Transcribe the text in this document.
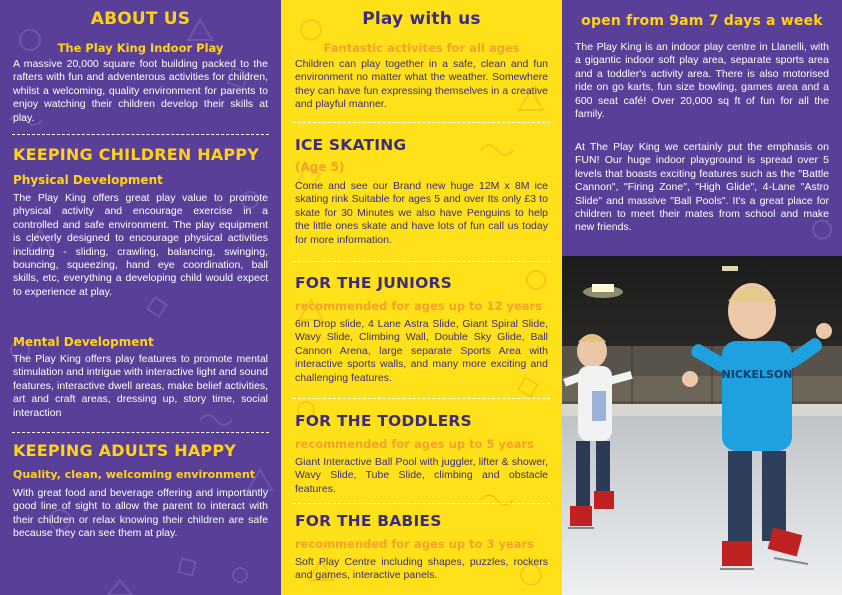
ABOUT US
The Play King Indoor Play

A massive 20,000 square foot building packed to the rafters with fun and adventerous activities for children, whilst a welcoming, quality environment for parents to enjoy watching their children develop their skills at play.

KEEPING CHILDREN HAPPY
Physical Development

The Play King offers great play value to promote physical activity and encourage exercise in a controlled and safe environment. The play equipment is cleverly designed to encourage physical activities including - sliding, crawling, balancing, swinging, bouncing, squeezing, hand eye coordination, ball skills, etc, everything a developing child would expect to experience at play.

Mental Development

The Play King offers play features to promote mental stimulation and intrigue with interactive light and sound features, interactive dwell areas, make belief activities, art and craft areas, dressing up, story time, social interaction

KEEPING ADULTS HAPPY
Quality, clean, welcoming environment

With great food and beverage offering and importantly good line of sight to allow the parent to interact with their children or relax knowing their children are safe because they can see them at play.

Play with us
Fantastic activites for all ages

Children can play together in a safe, clean and fun environment no matter what the weather. Somewhere they can have fun expressing themselves in a creative and playful manner.

ICE SKATING
(Age 5)

Come and see our Brand new huge 12M x 8M ice skating rink Suitable for ages 5 and over Its only £3 to skate for 30 Minutes we also have Penguins to help the little ones skate and have lots of fun call us today for more information.

FOR THE JUNIORS
recommended for ages up to 12 years

6m Drop slide, 4 Lane Astra Slide, Giant Spiral Slide, Wavy Slide, Climbing Wall, Double Sky Glide, Ball Cannon Arena, large separate Sports Area with interactive sports walls, and many more exciting and challenging features.

FOR THE TODDLERS
recommended for ages up to 5 years

Giant Interactive Ball Pool with juggler, lifter & shower, Wavy Slide, Tube Slide, climbing and obstacle features.

FOR THE BABIES
recommended for ages up to 3 years

Soft Play Centre including shapes, puzzles, rockers and games, interactive panels.

open from 9am 7 days a week

The Play King is an indoor play centre in Llanelli, with a gigantic indoor soft play area, separate sports area and a toddler's activity area. There is also motorised ride on go karts, fun size bowling, games area and a 600 seat café! Over 20,000 sq ft of fun for all the family.

At The Play King we certainly put the emphasis on FUN! Our huge indoor playground is spread over 5 levels that boasts exciting features such as the "Battle Cannon", "Firing Zone", "High Glide", 4-Lane "Astro Slide" and massive "Ball Pools". It's a great place for children to meet their mates from school and make new friends.

NICKELSON
